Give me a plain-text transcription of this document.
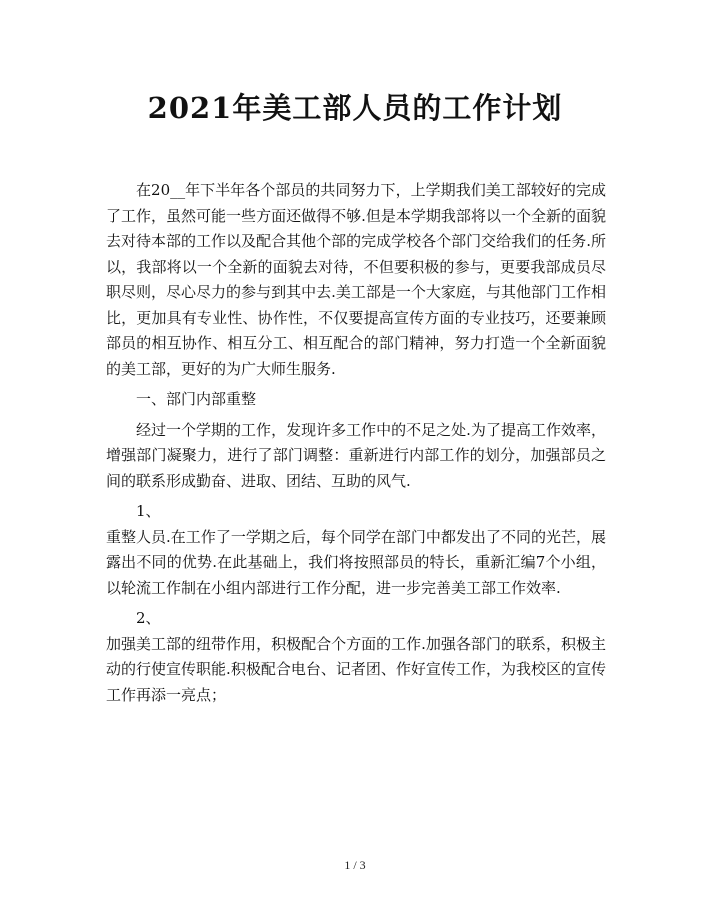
2021年美工部人员的工作计划

在20__年下半年各个部员的共同努力下，上学期我们美工部较好的完成了工作，虽然可能一些方面还做得不够.但是本学期我部将以一个全新的面貌去对待本部的工作以及配合其他个部的完成学校各个部门交给我们的任务.所以，我部将以一个全新的面貌去对待，不但要积极的参与，更要我部成员尽职尽则，尽心尽力的参与到其中去.美工部是一个大家庭，与其他部门工作相比，更加具有专业性、协作性，不仅要提高宣传方面的专业技巧，还要兼顾部员的相互协作、相互分工、相互配合的部门精神，努力打造一个全新面貌的美工部，更好的为广大师生服务.

一、部门内部重整

经过一个学期的工作，发现许多工作中的不足之处.为了提高工作效率，增强部门凝聚力，进行了部门调整：重新进行内部工作的划分，加强部员之间的联系形成勤奋、进取、团结、互助的风气.

1、

重整人员.在工作了一学期之后，每个同学在部门中都发出了不同的光芒，展露出不同的优势.在此基础上，我们将按照部员的特长，重新汇编7个小组，以轮流工作制在小组内部进行工作分配，进一步完善美工部工作效率.

2、

加强美工部的纽带作用，积极配合个方面的工作.加强各部门的联系，积极主动的行使宣传职能.积极配合电台、记者团、作好宣传工作，为我校区的宣传工作再添一亮点；

1 / 3
